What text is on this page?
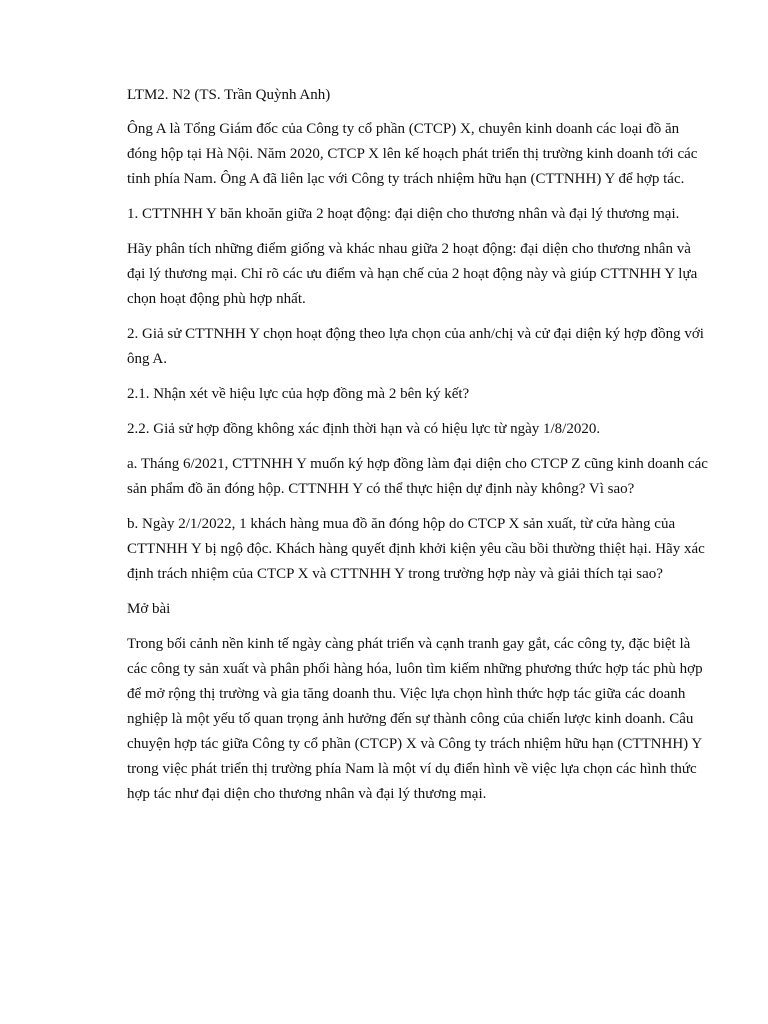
LTM2. N2 (TS. Trần Quỳnh Anh)

Ông A là Tổng Giám đốc của Công ty cổ phần (CTCP) X, chuyên kinh doanh các loại đồ ăn đóng hộp tại Hà Nội. Năm 2020, CTCP X lên kế hoạch phát triển thị trường kinh doanh tới các tỉnh phía Nam. Ông A đã liên lạc với Công ty trách nhiệm hữu hạn (CTTNHH) Y để hợp tác.

1. CTTNHH Y băn khoăn giữa 2 hoạt động: đại diện cho thương nhân và đại lý thương mại.

Hãy phân tích những điểm giống và khác nhau giữa 2 hoạt động: đại diện cho thương nhân và đại lý thương mại. Chỉ rõ các ưu điểm và hạn chế của 2 hoạt động này và giúp CTTNHH Y lựa chọn hoạt động phù hợp nhất.

2. Giả sử CTTNHH Y chọn hoạt động theo lựa chọn của anh/chị và cử đại diện ký hợp đồng với ông A.

2.1. Nhận xét về hiệu lực của hợp đồng mà 2 bên ký kết?

2.2. Giả sử hợp đồng không xác định thời hạn và có hiệu lực từ ngày 1/8/2020.

a. Tháng 6/2021, CTTNHH Y muốn ký hợp đồng làm đại diện cho CTCP Z cũng kinh doanh các sản phẩm đồ ăn đóng hộp. CTTNHH Y có thể thực hiện dự định này không? Vì sao?

b. Ngày 2/1/2022, 1 khách hàng mua đồ ăn đóng hộp do CTCP X sản xuất, từ cửa hàng của CTTNHH Y bị ngộ độc. Khách hàng quyết định khởi kiện yêu cầu bồi thường thiệt hại. Hãy xác định trách nhiệm của CTCP X và CTTNHH Y trong trường hợp này và giải thích tại sao?

Mở bài

Trong bối cảnh nền kinh tế ngày càng phát triển và cạnh tranh gay gắt, các công ty, đặc biệt là các công ty sản xuất và phân phối hàng hóa, luôn tìm kiếm những phương thức hợp tác phù hợp để mở rộng thị trường và gia tăng doanh thu. Việc lựa chọn hình thức hợp tác giữa các doanh nghiệp là một yếu tố quan trọng ảnh hưởng đến sự thành công của chiến lược kinh doanh. Câu chuyện hợp tác giữa Công ty cổ phần (CTCP) X và Công ty trách nhiệm hữu hạn (CTTNHH) Y trong việc phát triển thị trường phía Nam là một ví dụ điển hình về việc lựa chọn các hình thức hợp tác như đại diện cho thương nhân và đại lý thương mại.
